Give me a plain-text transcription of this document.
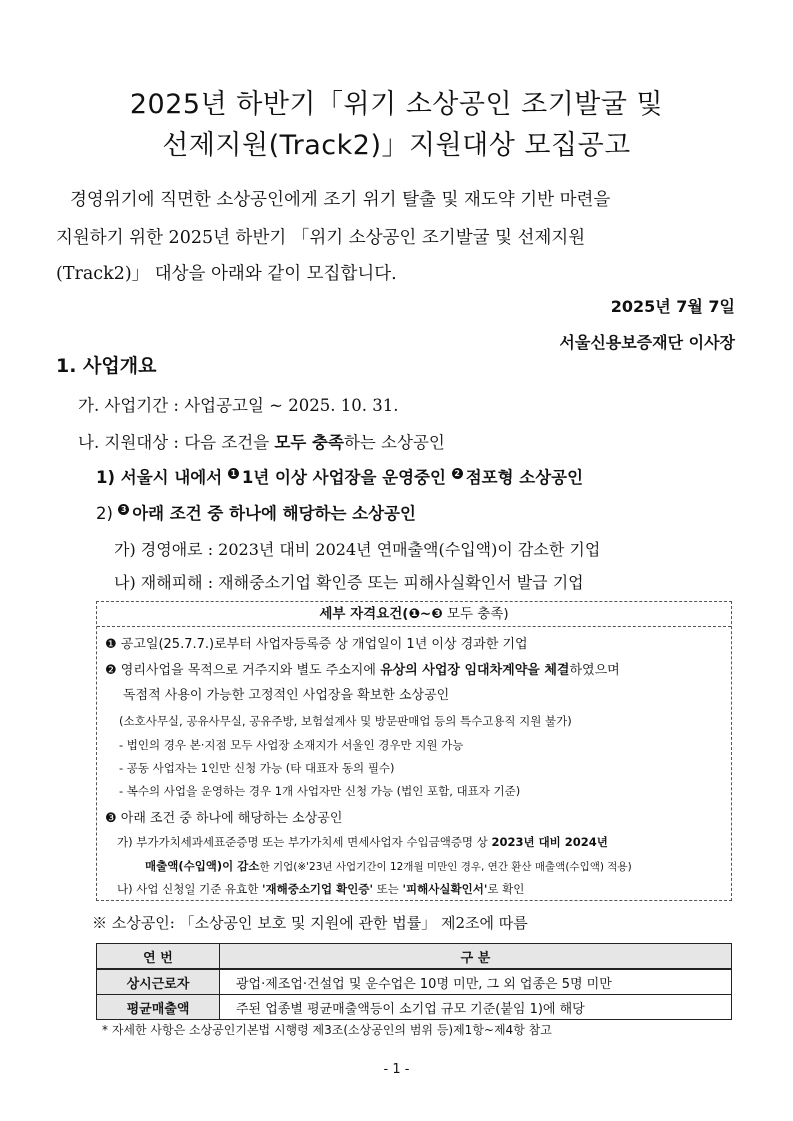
2025년 하반기「위기 소상공인 조기발굴 및
선제지원(Track2)」지원대상 모집공고
경영위기에 직면한 소상공인에게 조기 위기 탈출 및 재도약 기반 마련을
지원하기 위한 2025년 하반기 「위기 소상공인 조기발굴 및 선제지원
(Track2)」 대상을 아래와 같이 모집합니다.
2025년 7월 7일
서울신용보증재단 이사장
1. 사업개요
가. 사업기간 : 사업공고일 ~ 2025. 10. 31.
나. 지원대상 : 다음 조건을 모두 충족하는 소상공인
1) 서울시 내에서 1 1년 이상 사업장을 운영중인 2 점포형 소상공인
2) 3 아래 조건 중 하나에 해당하는 소상공인
가) 경영애로 : 2023년 대비 2024년 연매출액(수입액)이 감소한 기업
나) 재해피해 : 재해중소기업 확인증 또는 피해사실확인서 발급 기업
세부 자격요건(❶~❸ 모두 충족)
❶ 공고일(25.7.7.)로부터 사업자등록증 상 개업일이 1년 이상 경과한 기업
❷ 영리사업을 목적으로 거주지와 별도 주소지에 유상의 사업장 임대차계약을 체결하였으며
독점적 사용이 가능한 고정적인 사업장을 확보한 소상공인
(소호사무실, 공유사무실, 공유주방, 보험설계사 및 방문판매업 등의 특수고용직 지원 불가)
- 법인의 경우 본·지점 모두 사업장 소재지가 서울인 경우만 지원 가능
- 공동 사업자는 1인만 신청 가능 (타 대표자 동의 필수)
- 복수의 사업을 운영하는 경우 1개 사업자만 신청 가능 (법인 포함, 대표자 기준)
❸ 아래 조건 중 하나에 해당하는 소상공인
가) 부가가치세과세표준증명 또는 부가가치세 면세사업자 수입금액증명 상 2023년 대비 2024년
매출액(수입액)이 감소한 기업(※'23년 사업기간이 12개월 미만인 경우, 연간 환산 매출액(수입액) 적용)
나) 사업 신청일 기준 유효한 '재해중소기업 확인증' 또는 '피해사실확인서'로 확인
※ 소상공인: 「소상공인 보호 및 지원에 관한 법률」 제2조에 따름
연 번	구 분
상시근로자	광업·제조업·건설업 및 운수업은 10명 미만, 그 외 업종은 5명 미만
평균매출액	주된 업종별 평균매출액등이 소기업 규모 기준(붙임 1)에 해당
* 자세한 사항은 소상공인기본법 시행령 제3조(소상공인의 범위 등)제1항~제4항 참고
- 1 -
